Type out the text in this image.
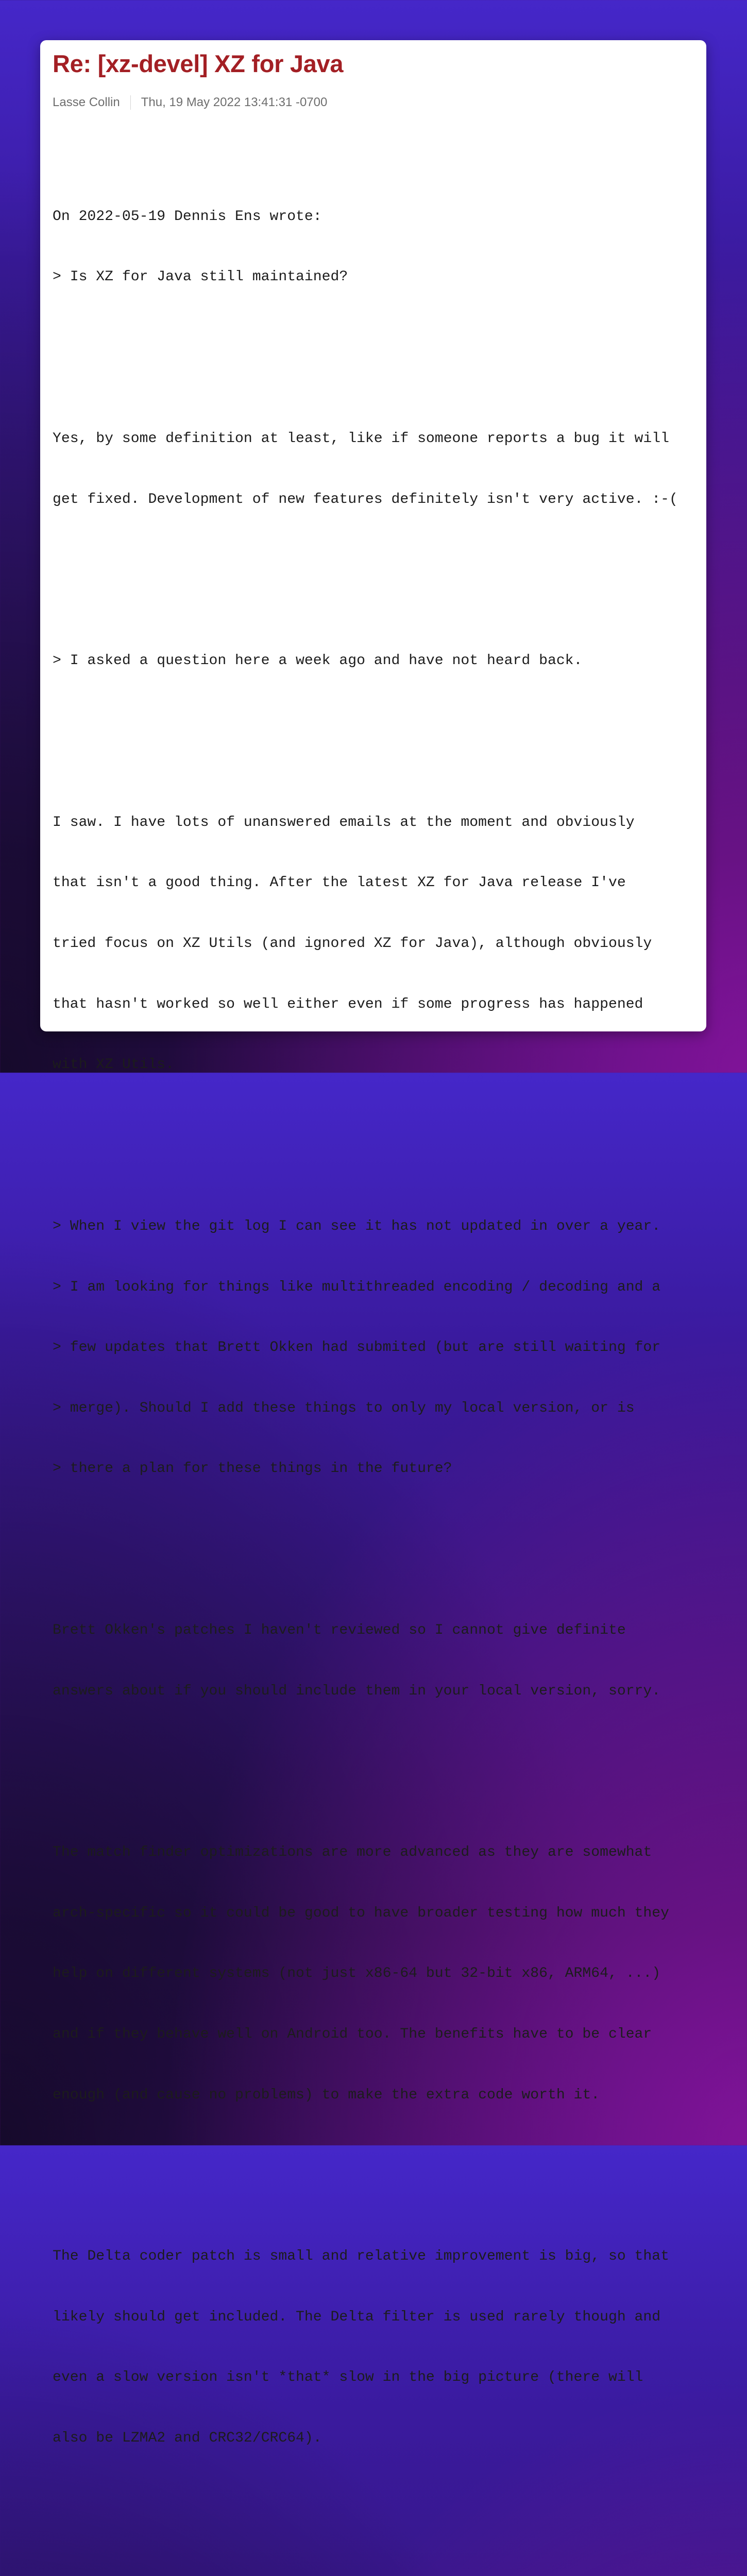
Re: [xz-devel] XZ for Java
Lasse Collin Thu, 19 May 2022 13:41:31 -0700

On 2022-05-19 Dennis Ens wrote:

> Is XZ for Java still maintained?

Yes, by some definition at least, like if someone reports a bug it will

get fixed. Development of new features definitely isn't very active. :-(

> I asked a question here a week ago and have not heard back.

I saw. I have lots of unanswered emails at the moment and obviously

that isn't a good thing. After the latest XZ for Java release I've

tried focus on XZ Utils (and ignored XZ for Java), although obviously

that hasn't worked so well either even if some progress has happened

with XZ Utils.

> When I view the git log I can see it has not updated in over a year.

> I am looking for things like multithreaded encoding / decoding and a

> few updates that Brett Okken had submited (but are still waiting for

> merge). Should I add these things to only my local version, or is

> there a plan for these things in the future?

Brett Okken's patches I haven't reviewed so I cannot give definite

answers about if you should include them in your local version, sorry.

The match finder optimizations are more advanced as they are somewhat

arch-specific so it could be good to have broader testing how much they

help on different systems (not just x86-64 but 32-bit x86, ARM64, ...)

and if they behave well on Android too. The benefits have to be clear

enough (and cause no problems) to make the extra code worth it.

The Delta coder patch is small and relative improvement is big, so that

likely should get included. The Delta filter is used rarely though and

even a slow version isn't *that* slow in the big picture (there will

also be LZMA2 and CRC32/CRC64).
